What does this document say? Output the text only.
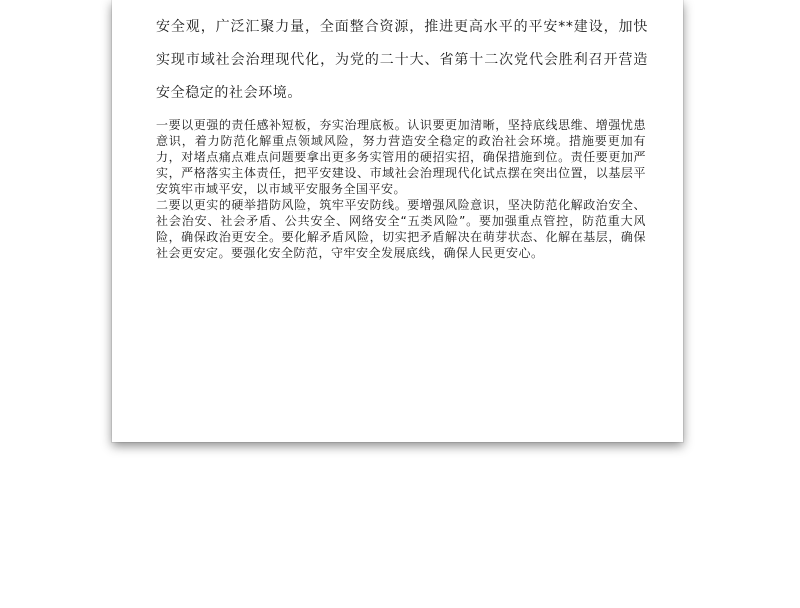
安全观，广泛汇聚力量，全面整合资源，推进更高水平的平安**建设，加快实现市域社会治理现代化，为党的二十大、省第十二次党代会胜利召开营造安全稳定的社会环境。

一要以更强的责任感补短板，夯实治理底板。认识要更加清晰，坚持底线思维、增强忧患意识，着力防范化解重点领域风险，努力营造安全稳定的政治社会环境。措施要更加有力，对堵点痛点难点问题要拿出更多务实管用的硬招实招，确保措施到位。责任要更加严实，严格落实主体责任，把平安建设、市域社会治理现代化试点摆在突出位置，以基层平安筑牢市域平安，以市域平安服务全国平安。

二要以更实的硬举措防风险，筑牢平安防线。要增强风险意识，坚决防范化解政治安全、社会治安、社会矛盾、公共安全、网络安全“五类风险”。要加强重点管控，防范重大风险，确保政治更安全。要化解矛盾风险，切实把矛盾解决在萌芽状态、化解在基层，确保社会更安定。要强化安全防范，守牢安全发展底线，确保人民更安心。
